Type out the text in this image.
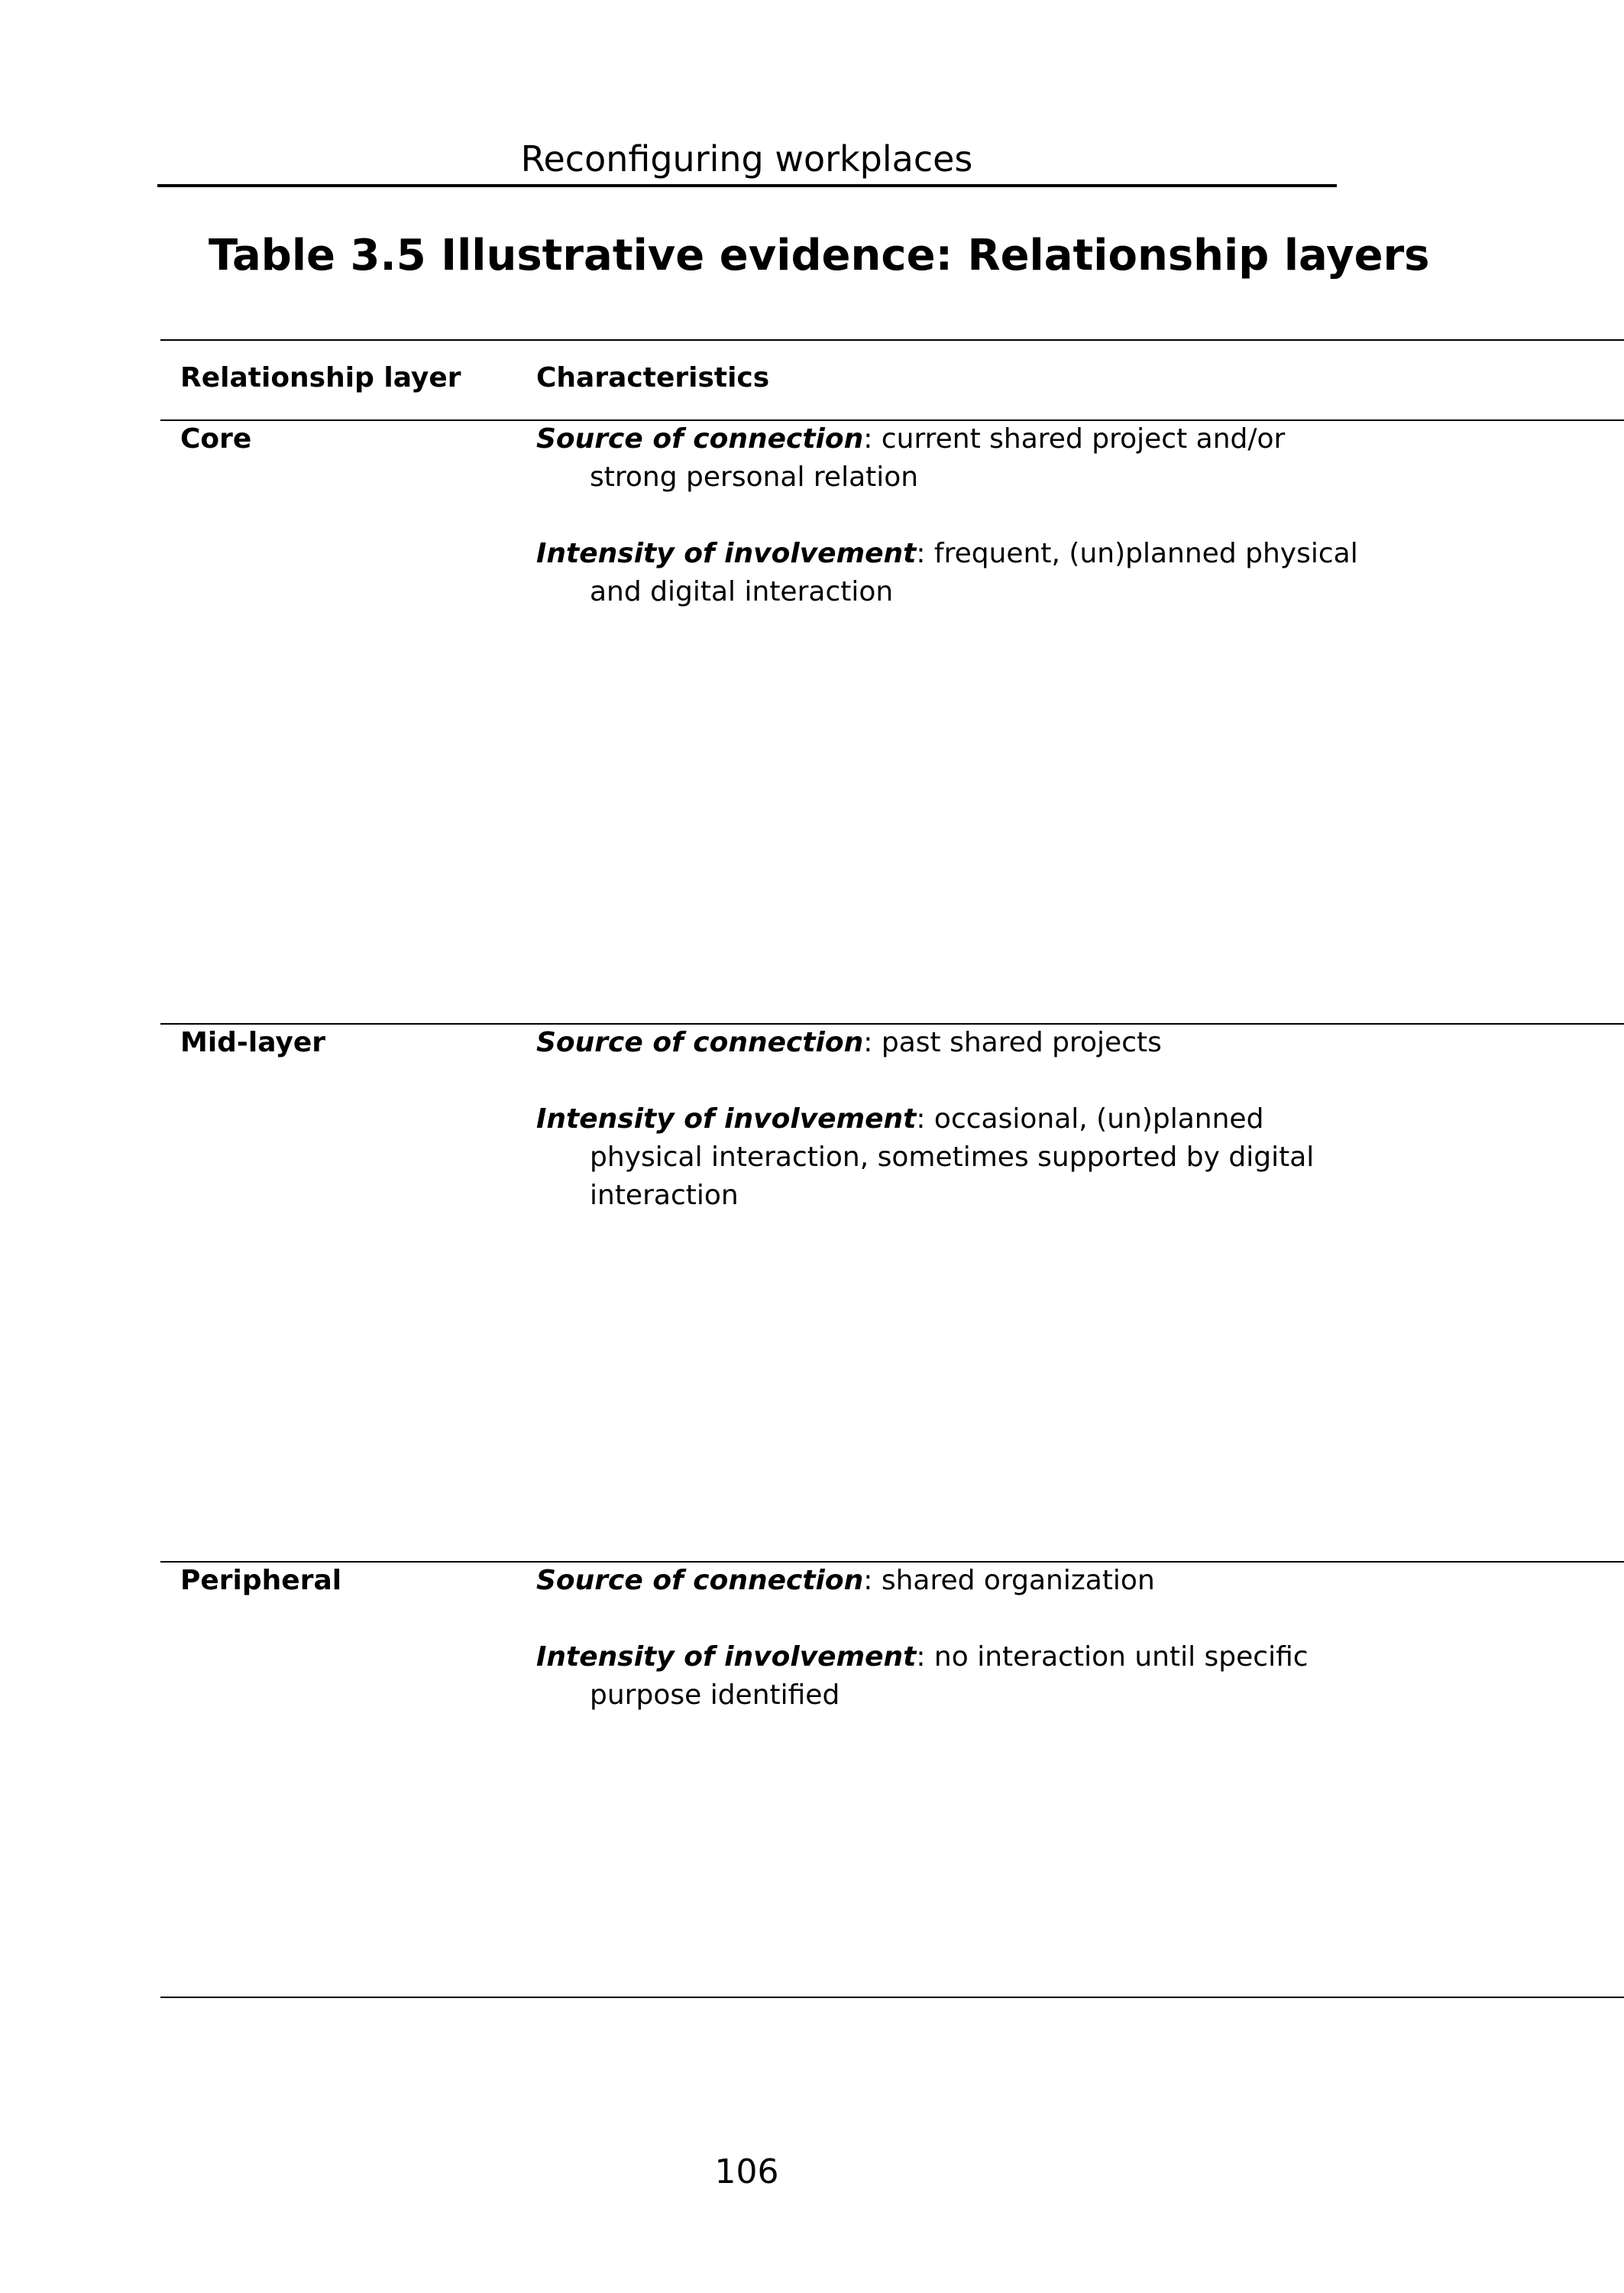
Reconfiguring workplaces
Table 3.5 Illustrative evidence: Relationship layers
Relationship layer	Characteristics
Core	Source of connection: current shared project and/or strong personal relation

Intensity of involvement: frequent, (un)planned physical and digital interaction

Mid-layer	Source of connection: past shared projects

Intensity of involvement: occasional, (un)planned physical interaction, sometimes supported by digital interaction

Peripheral	Source of connection: shared organization

Intensity of involvement: no interaction until specific purpose identified

106
